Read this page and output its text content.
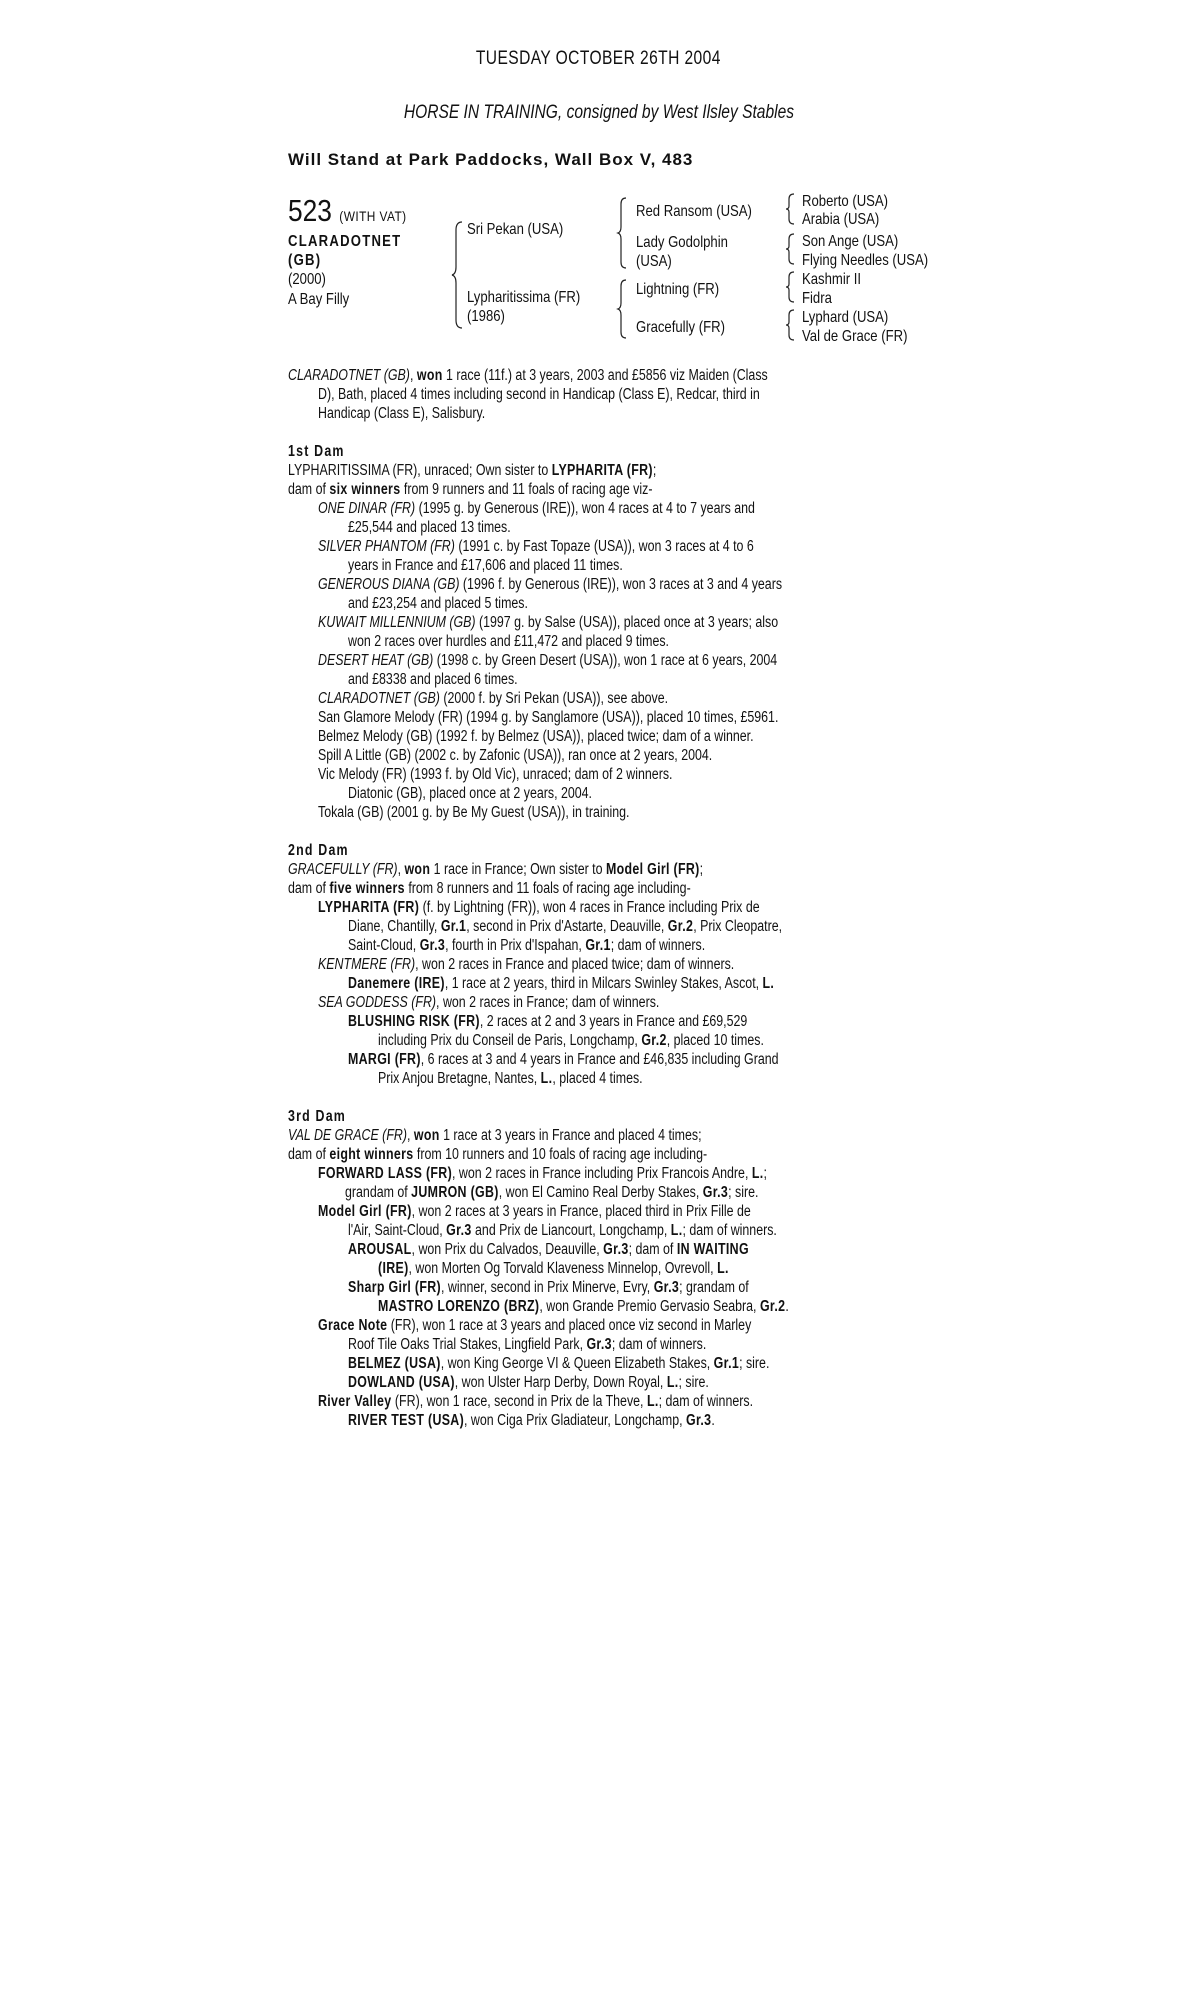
TUESDAY OCTOBER 26TH 2004
HORSE IN TRAINING, consigned by West Ilsley Stables
Will Stand at Park Paddocks, Wall Box V, 483
523 (WITH VAT)
CLARADOTNET
(GB)
(2000)
A Bay Filly
Sri Pekan (USA)
Lypharitissima (FR)
(1986)
Red Ransom (USA)
Lady Godolphin
(USA)
Lightning (FR)
Gracefully (FR)
Roberto (USA)
Arabia (USA)
Son Ange (USA)
Flying Needles (USA)
Kashmir II
Fidra
Lyphard (USA)
Val de Grace (FR)
CLARADOTNET (GB), won 1 race (11f.) at 3 years, 2003 and £5856 viz Maiden (Class
D), Bath, placed 4 times including second in Handicap (Class E), Redcar, third in
Handicap (Class E), Salisbury.
1st Dam
LYPHARITISSIMA (FR), unraced; Own sister to LYPHARITA (FR);
dam of six winners from 9 runners and 11 foals of racing age viz-
ONE DINAR (FR) (1995 g. by Generous (IRE)), won 4 races at 4 to 7 years and
£25,544 and placed 13 times.
SILVER PHANTOM (FR) (1991 c. by Fast Topaze (USA)), won 3 races at 4 to 6
years in France and £17,606 and placed 11 times.
GENEROUS DIANA (GB) (1996 f. by Generous (IRE)), won 3 races at 3 and 4 years
and £23,254 and placed 5 times.
KUWAIT MILLENNIUM (GB) (1997 g. by Salse (USA)), placed once at 3 years; also
won 2 races over hurdles and £11,472 and placed 9 times.
DESERT HEAT (GB) (1998 c. by Green Desert (USA)), won 1 race at 6 years, 2004
and £8338 and placed 6 times.
CLARADOTNET (GB) (2000 f. by Sri Pekan (USA)), see above.
San Glamore Melody (FR) (1994 g. by Sanglamore (USA)), placed 10 times, £5961.
Belmez Melody (GB) (1992 f. by Belmez (USA)), placed twice; dam of a winner.
Spill A Little (GB) (2002 c. by Zafonic (USA)), ran once at 2 years, 2004.
Vic Melody (FR) (1993 f. by Old Vic), unraced; dam of 2 winners.
Diatonic (GB), placed once at 2 years, 2004.
Tokala (GB) (2001 g. by Be My Guest (USA)), in training.
2nd Dam
GRACEFULLY (FR), won 1 race in France; Own sister to Model Girl (FR);
dam of five winners from 8 runners and 11 foals of racing age including-
LYPHARITA (FR) (f. by Lightning (FR)), won 4 races in France including Prix de
Diane, Chantilly, Gr.1, second in Prix d'Astarte, Deauville, Gr.2, Prix Cleopatre,
Saint-Cloud, Gr.3, fourth in Prix d'Ispahan, Gr.1; dam of winners.
KENTMERE (FR), won 2 races in France and placed twice; dam of winners.
Danemere (IRE), 1 race at 2 years, third in Milcars Swinley Stakes, Ascot, L.
SEA GODDESS (FR), won 2 races in France; dam of winners.
BLUSHING RISK (FR), 2 races at 2 and 3 years in France and £69,529
including Prix du Conseil de Paris, Longchamp, Gr.2, placed 10 times.
MARGI (FR), 6 races at 3 and 4 years in France and £46,835 including Grand
Prix Anjou Bretagne, Nantes, L., placed 4 times.
3rd Dam
VAL DE GRACE (FR), won 1 race at 3 years in France and placed 4 times;
dam of eight winners from 10 runners and 10 foals of racing age including-
FORWARD LASS (FR), won 2 races in France including Prix Francois Andre, L.;
grandam of JUMRON (GB), won El Camino Real Derby Stakes, Gr.3; sire.
Model Girl (FR), won 2 races at 3 years in France, placed third in Prix Fille de
l'Air, Saint-Cloud, Gr.3 and Prix de Liancourt, Longchamp, L.; dam of winners.
AROUSAL, won Prix du Calvados, Deauville, Gr.3; dam of IN WAITING
(IRE), won Morten Og Torvald Klaveness Minnelop, Ovrevoll, L.
Sharp Girl (FR), winner, second in Prix Minerve, Evry, Gr.3; grandam of
MASTRO LORENZO (BRZ), won Grande Premio Gervasio Seabra, Gr.2.
Grace Note (FR), won 1 race at 3 years and placed once viz second in Marley
Roof Tile Oaks Trial Stakes, Lingfield Park, Gr.3; dam of winners.
BELMEZ (USA), won King George VI & Queen Elizabeth Stakes, Gr.1; sire.
DOWLAND (USA), won Ulster Harp Derby, Down Royal, L.; sire.
River Valley (FR), won 1 race, second in Prix de la Theve, L.; dam of winners.
RIVER TEST (USA), won Ciga Prix Gladiateur, Longchamp, Gr.3.
